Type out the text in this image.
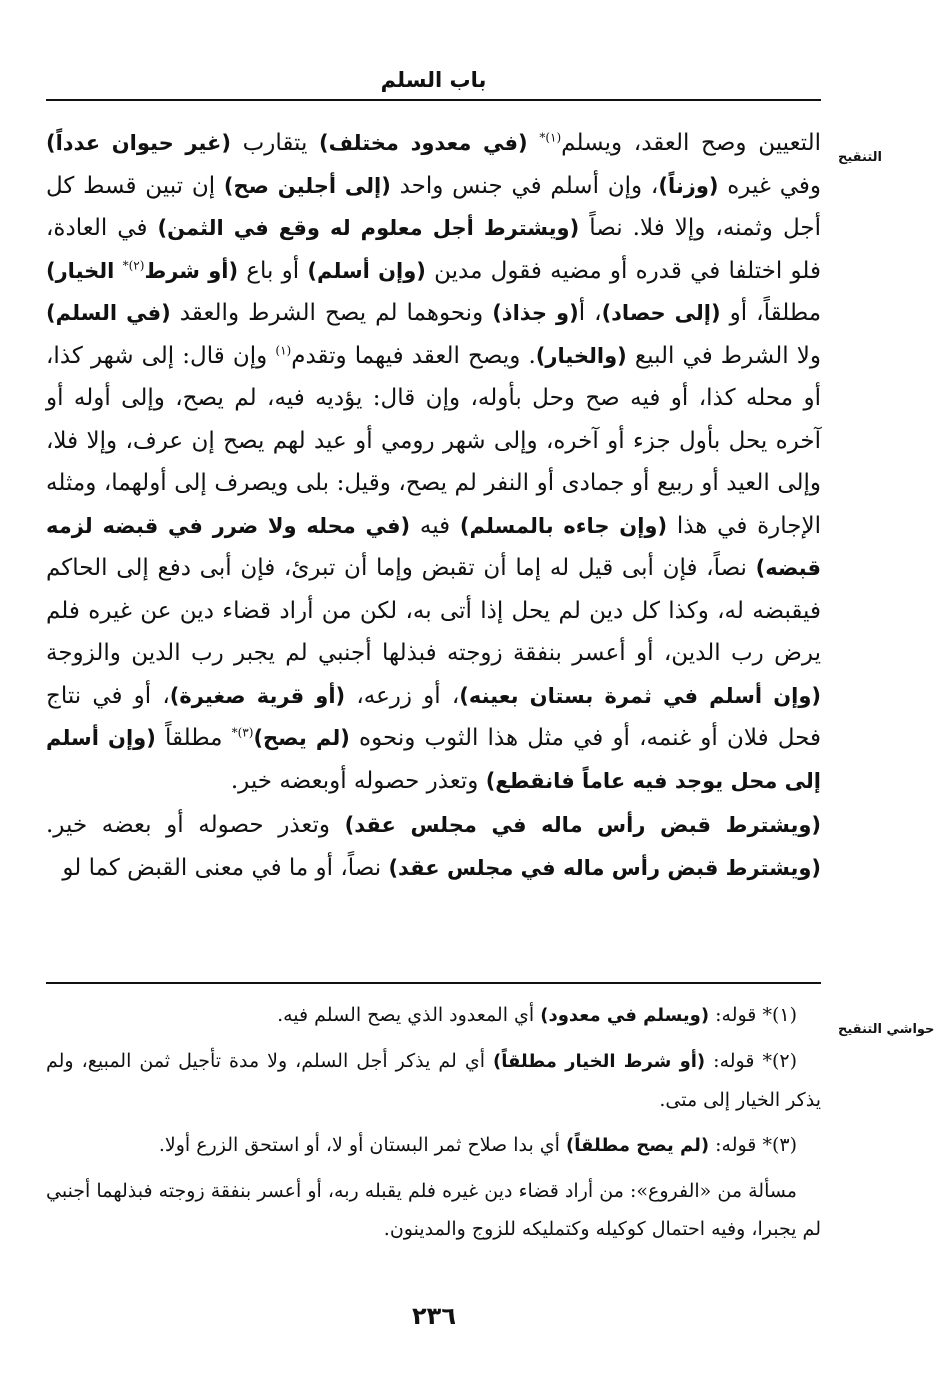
باب السلم
التنقيح
حواشي التنقيح

التعيين وصح العقد، ويسلم$^{(١)*}$ (في معدود مختلف) يتقارب (غير حيوان عدداً) وفي غيره (وزناً)، وإن أسلم في جنس واحد (إلى أجلين صح) إن تبين قسط كل أجل وثمنه، وإلا فلا. نصاً (ويشترط أجل معلوم له وقع في الثمن) في العادة، فلو اختلفا في قدره أو مضيه فقول مدين (وإن أسلم) أو باع (أو شرط$^{(٢)*}$ الخيار) مطلقاً، أو (إلى حصاد)، أ(و جذاذ) ونحوهما لم يصح الشرط والعقد (في السلم) ولا الشرط في البيع (والخيار). ويصح العقد فيهما وتقدم$^{(١)}$ وإن قال: إلى شهر كذا، أو محله كذا، أو فيه صح وحل بأوله، وإن قال: يؤديه فيه، لم يصح، وإلى أوله أو آخره يحل بأول جزء أو آخره، وإلى شهر رومي أو عيد لهم يصح إن عرف، وإلا فلا، وإلى العيد أو ربيع أو جمادى أو النفر لم يصح، وقيل: بلى ويصرف إلى أولهما، ومثله الإجارة في هذا (وإن جاءه بالمسلم) فيه (في محله ولا ضرر في قبضه لزمه قبضه) نصاً، فإن أبى قيل له إما أن تقبض وإما أن تبرئ، فإن أبى دفع إلى الحاكم فيقبضه له، وكذا كل دين لم يحل إذا أتى به، لكن من أراد قضاء دين عن غيره فلم يرض رب الدين، أو أعسر بنفقة زوجته فبذلها أجنبي لم يجبر رب الدين والزوجة (وإن أسلم في ثمرة بستان بعينه)، أو زرعه، (أو قرية صغيرة)، أو في نتاج فحل فلان أو غنمه، أو في مثل هذا الثوب ونحوه (لم يصح)$^{(٣)*}$ مطلقاً (وإن أسلم إلى محل يوجد فيه عاماً فانقطع) وتعذر حصوله أوبعضه خير.

(ويشترط قبض رأس ماله في مجلس عقد) وتعذر حصوله أو بعضه خير. (ويشترط قبض رأس ماله في مجلس عقد) نصاً، أو ما في معنى القبض كما لو

(١)* قوله: (ويسلم في معدود) أي المعدود الذي يصح السلم فيه.

(٢)* قوله: (أو شرط الخيار مطلقاً) أي لم يذكر أجل السلم، ولا مدة تأجيل ثمن المبيع، ولم يذكر الخيار إلى متى.

(٣)* قوله: (لم يصح مطلقاً) أي بدا صلاح ثمر البستان أو لا، أو استحق الزرع أولا.

مسألة من «الفروع»: من أراد قضاء دين غيره فلم يقبله ربه، أو أعسر بنفقة زوجته فبذلهما أجنبي لم يجبرا، وفيه احتمال كوكيله وكتمليكه للزوج والمدينون.

٢٣٦
